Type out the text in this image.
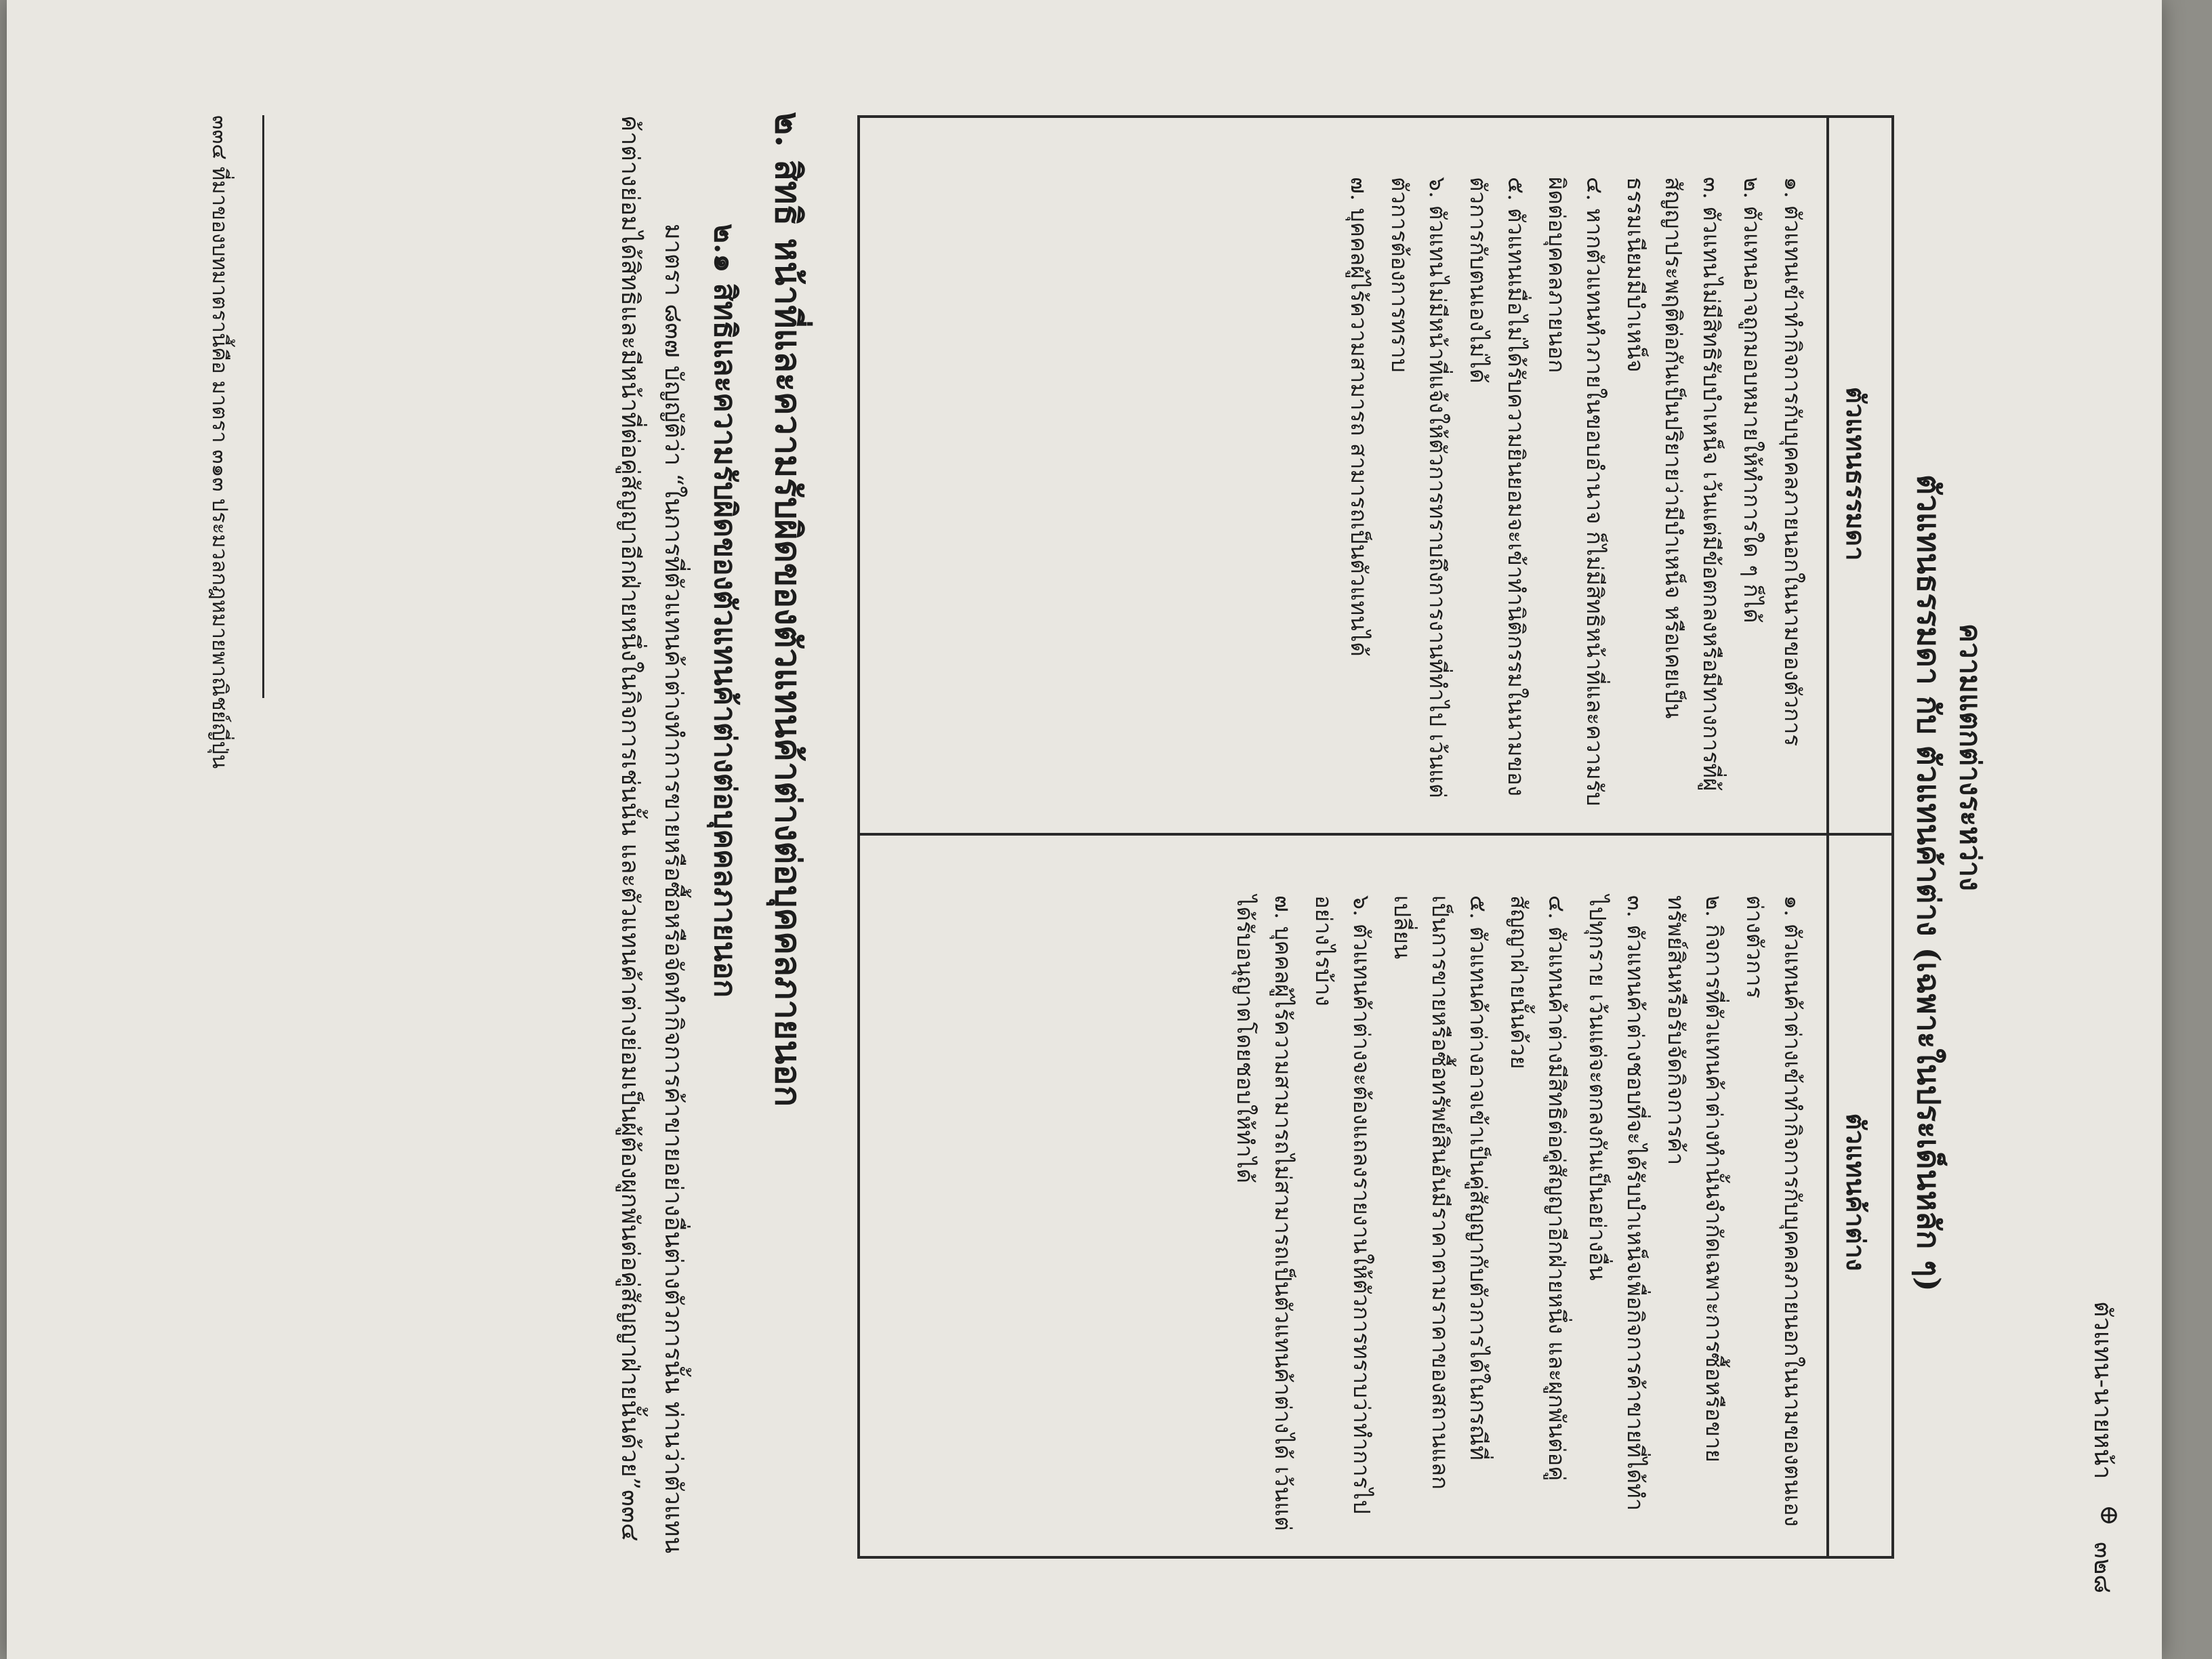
ตัวแทน-นายหน้า
⊕
๓๒๘
ความแตกต่างระหว่าง
ตัวแทนธรรมดา กับ ตัวแทนค้าต่าง (เฉพาะในประเด็นหลัก ๆ)
ตัวแทนธรรมดา
ตัวแทนค้าต่าง
๑. ตัวแทนเข้าทำกิจการกับบุคคลภายนอกในนามของตัวการ
๒. ตัวแทนอาจถูกมอบหมายให้ทำการใด ๆ ก็ได้
๓. ตัวแทนไม่มีสิทธิรับบำเหน็จ เว้นแต่มีข้อตกลงหรือมีทางการที่ผู้สัญญาประพฤติต่อกันเป็นปริยายว่ามีบำเหน็จ หรือเคยเป็นธรรมเนียมมีบำเหน็จ
๔. หากตัวแทนทำภายในขอบอำนาจ ก็ไม่มีสิทธิหน้าที่และความรับผิดต่อบุคคลภายนอก
๕. ตัวแทนเมื่อไม่ได้รับความยินยอมจะเข้าทำนิติกรรมในนามของตัวการกับตนเองไม่ได้
๖. ตัวแทนไม่มีหน้าที่แจ้งให้ตัวการทราบถึงการงานที่ทำไป เว้นแต่ตัวการต้องการทราบ
๗. บุคคลผู้ไร้ความสามารถ สามารถเป็นตัวแทนได้
๑. ตัวแทนค้าต่างเข้าทำกิจการกับบุคคลภายนอกในนามของตนเองต่างตัวการ
๒. กิจการที่ตัวแทนค้าต่างทำนั้นจำกัดเฉพาะการซื้อหรือขายทรัพย์สินหรือรับจัดกิจการค้า
๓. ตัวแทนค้าต่างชอบที่จะได้รับบำเหน็จเพื่อกิจการค้าขายที่ได้ทำไปทุกราย เว้นแต่จะตกลงกันเป็นอย่างอื่น
๔. ตัวแทนค้าต่างมีสิทธิต่อคู่สัญญาอีกฝ่ายหนึ่ง และผูกพันต่อคู่สัญญาฝ่ายนั้นด้วย
๕. ตัวแทนค้าต่างอาจเข้าเป็นคู่สัญญากับตัวการได้ในกรณีที่เป็นการขายหรือซื้อทรัพย์สินอันมีราคาตามราคาของสถานแลกเปลี่ยน
๖. ตัวแทนค้าต่างจะต้องแถลงรายงานให้ตัวการทราบว่าทำการไปอย่างไรบ้าง
๗. บุคคลผู้ไร้ความสามารถไม่สามารถเป็นตัวแทนค้าต่างได้ เว้นแต่ได้รับอนุญาตโดยชอบให้ทำได้
๒. สิทธิ หน้าที่และความรับผิดของตัวแทนค้าต่างต่อบุคคลภายนอก
๒.๑ สิทธิและความรับผิดของตัวแทนค้าต่างต่อบุคคลภายนอก
มาตรา ๘๓๗ บัญญัติว่า “ในการที่ตัวแทนค้าต่างทำการขายหรือซื้อหรือจัดทำกิจการค้าขายอย่างอื่นต่างตัวการนั้น ท่านว่าตัวแทนค้าต่างย่อมได้สิทธิและมีหน้าที่ต่อคู่สัญญาอีกฝ่ายหนึ่งในกิจการเช่นนั้น และตัวแทนค้าต่างย่อมเป็นผู้ต้องผูกพันต่อคู่สัญญาฝ่ายนั้นด้วย”๓๓๔
๓๓๔ ที่มาของบทมาตรานี้คือ มาตรา ๓๑๓ ประมวลกฎหมายพาณิชย์ญี่ปุ่น
